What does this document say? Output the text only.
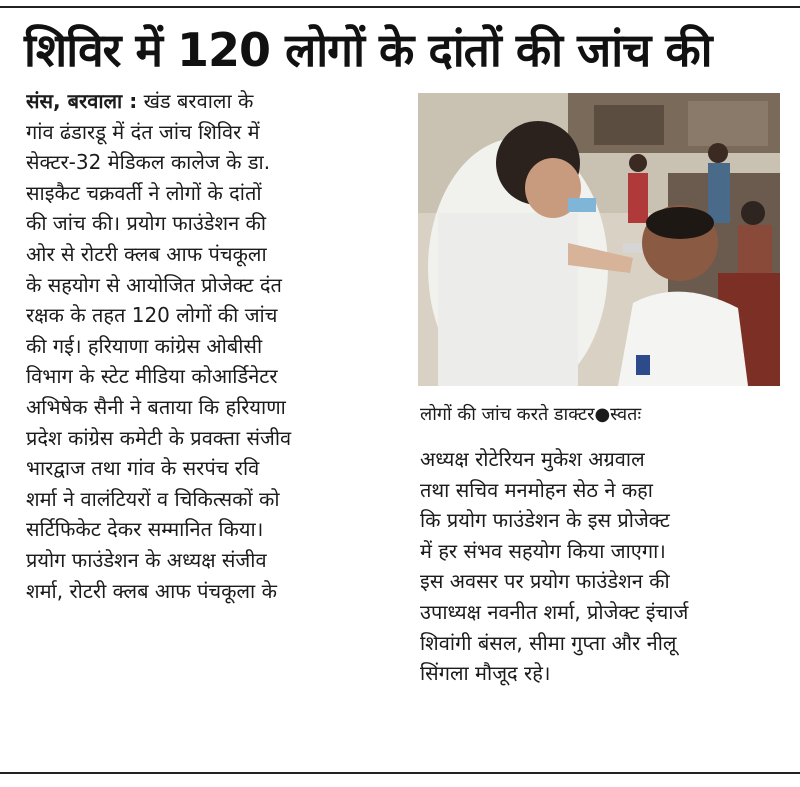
शिविर में 120 लोगों के दांतों की जांच की
संस, बरवाला : खंड बरवाला के
गांव ढंडारडू में दंत जांच शिविर में
सेक्टर-32 मेडिकल कालेज के डा.
साइकैट चक्रवर्ती ने लोगों के दांतों
की जांच की। प्रयोग फाउंडेशन की
ओर से रोटरी क्लब आफ पंचकूला
के सहयोग से आयोजित प्रोजेक्ट दंत
रक्षक के तहत 120 लोगों की जांच
की गई। हरियाणा कांग्रेस ओबीसी
विभाग के स्टेट मीडिया कोआर्डिनेटर
अभिषेक सैनी ने बताया कि हरियाणा
प्रदेश कांग्रेस कमेटी के प्रवक्ता संजीव
भारद्वाज तथा गांव के सरपंच रवि
शर्मा ने वालंटियरों व चिकित्सकों को
सर्टिफिकेट देकर सम्मानित किया।
प्रयोग फाउंडेशन के अध्यक्ष संजीव
शर्मा, रोटरी क्लब आफ पंचकूला के
लोगों की जांच करते डाक्टर●स्वतः
अध्यक्ष रोटेरियन मुकेश अग्रवाल
तथा सचिव मनमोहन सेठ ने कहा
कि प्रयोग फाउंडेशन के इस प्रोजेक्ट
में हर संभव सहयोग किया जाएगा।
इस अवसर पर प्रयोग फाउंडेशन की
उपाध्यक्ष नवनीत शर्मा, प्रोजेक्ट इंचार्ज
शिवांगी बंसल, सीमा गुप्ता और नीलू
सिंगला मौजूद रहे।
